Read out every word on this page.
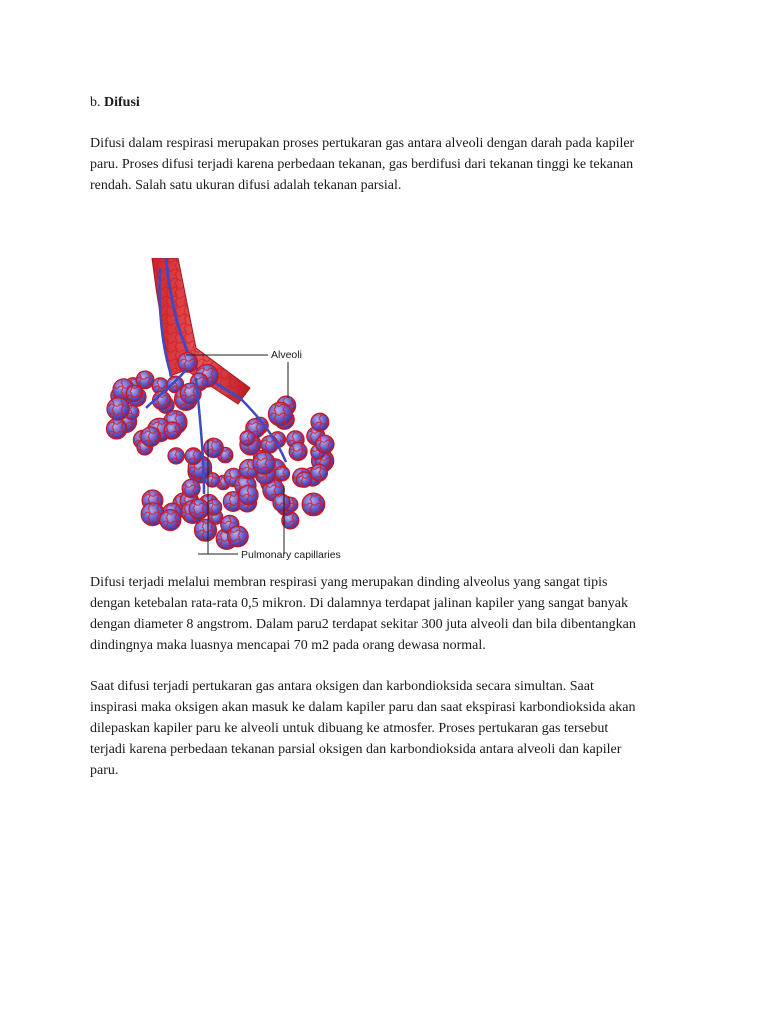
b. Difusi

Difusi dalam respirasi merupakan proses pertukaran gas antara alveoli dengan darah pada kapiler
paru. Proses difusi terjadi karena perbedaan tekanan, gas berdifusi dari tekanan tinggi ke tekanan
rendah. Salah satu ukuran difusi adalah tekanan parsial.

Alveoli
Pulmonary capillaries

Difusi terjadi melalui membran respirasi yang merupakan dinding alveolus yang sangat tipis
dengan ketebalan rata-rata 0,5 mikron. Di dalamnya terdapat jalinan kapiler yang sangat banyak
dengan diameter 8 angstrom. Dalam paru2 terdapat sekitar 300 juta alveoli dan bila dibentangkan
dindingnya maka luasnya mencapai 70 m2 pada orang dewasa normal.

Saat difusi terjadi pertukaran gas antara oksigen dan karbondioksida secara simultan. Saat
inspirasi maka oksigen akan masuk ke dalam kapiler paru dan saat ekspirasi karbondioksida akan
dilepaskan kapiler paru ke alveoli untuk dibuang ke atmosfer. Proses pertukaran gas tersebut
terjadi karena perbedaan tekanan parsial oksigen dan karbondioksida antara alveoli dan kapiler
paru.
